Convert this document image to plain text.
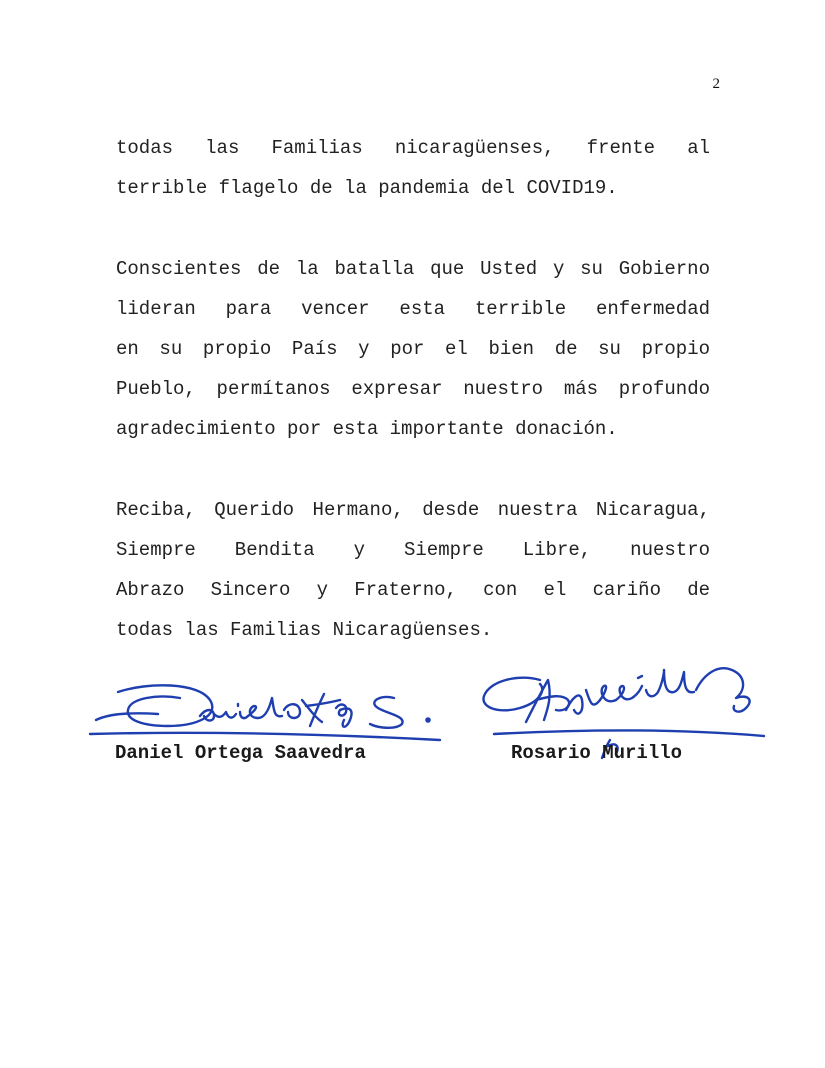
2

todas las Familias nicaragüenses, frente al
terrible flagelo de la pandemia del COVID19.

Conscientes de la batalla que Usted y su Gobierno
lideran para vencer esta terrible enfermedad
en su propio País y por el bien de su propio
Pueblo, permítanos expresar nuestro más profundo
agradecimiento por esta importante donación.

Reciba, Querido Hermano, desde nuestra Nicaragua,
Siempre Bendita y Siempre Libre, nuestro
Abrazo Sincero y Fraterno, con el cariño de
todas las Familias Nicaragüenses.

Daniel Ortega Saavedra	Rosario Murillo
